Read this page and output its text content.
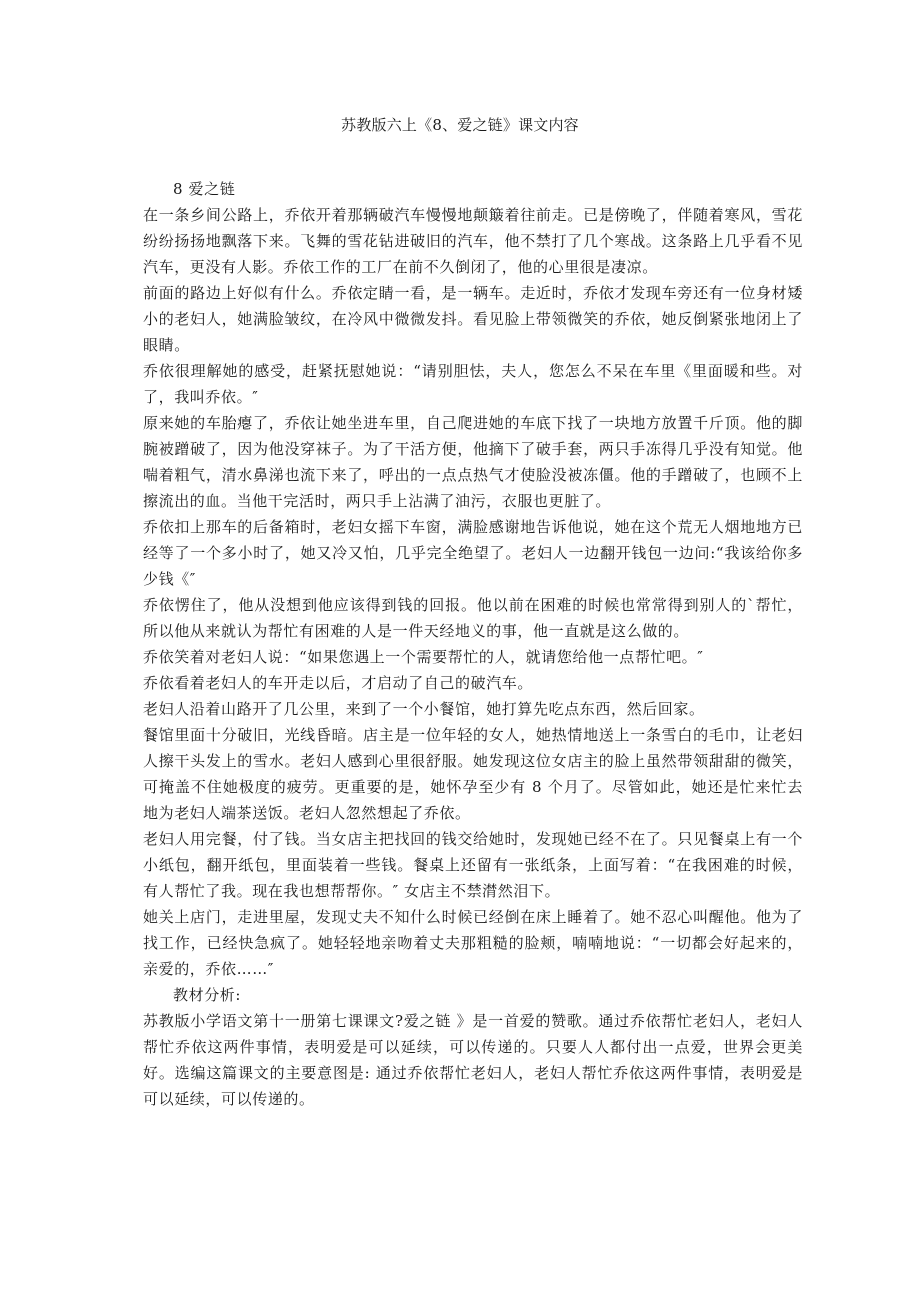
苏教版六上《8、爱之链》课文内容

8 爱之链

在一条乡间公路上，乔依开着那辆破汽车慢慢地颠簸着往前走。已是傍晚了，伴随着寒风，雪花纷纷扬扬地飘落下来。飞舞的雪花钻进破旧的汽车，他不禁打了几个寒战。这条路上几乎看不见汽车，更没有人影。乔依工作的工厂在前不久倒闭了，他的心里很是凄凉。

前面的路边上好似有什么。乔依定睛一看，是一辆车。走近时，乔依才发现车旁还有一位身材矮小的老妇人，她满脸皱纹，在冷风中微微发抖。看见脸上带领微笑的乔依，她反倒紧张地闭上了眼睛。

乔依很理解她的感受，赶紧抚慰她说：“请别胆怯，夫人，您怎么不呆在车里《里面暖和些。对了，我叫乔依。″

原来她的车胎瘪了，乔依让她坐进车里，自己爬进她的车底下找了一块地方放置千斤顶。他的脚腕被蹭破了，因为他没穿袜子。为了干活方便，他摘下了破手套，两只手冻得几乎没有知觉。他喘着粗气，清水鼻涕也流下来了，呼出的一点点热气才使脸没被冻僵。他的手蹭破了，也顾不上擦流出的血。当他干完活时，两只手上沾满了油污，衣服也更脏了。

乔依扣上那车的后备箱时，老妇女摇下车窗，满脸感谢地告诉他说，她在这个荒无人烟地地方已经等了一个多小时了，她又冷又怕，几乎完全绝望了。老妇人一边翻开钱包一边问:“我该给你多少钱《″

乔依愣住了，他从没想到他应该得到钱的回报。他以前在困难的时候也常常得到别人的`帮忙，所以他从来就认为帮忙有困难的人是一件天经地义的事，他一直就是这么做的。

乔依笑着对老妇人说：“如果您遇上一个需要帮忙的人，就请您给他一点帮忙吧。″

乔依看着老妇人的车开走以后，才启动了自己的破汽车。

老妇人沿着山路开了几公里，来到了一个小餐馆，她打算先吃点东西，然后回家。

餐馆里面十分破旧，光线昏暗。店主是一位年轻的女人，她热情地送上一条雪白的毛巾，让老妇人擦干头发上的雪水。老妇人感到心里很舒服。她发现这位女店主的脸上虽然带领甜甜的微笑，可掩盖不住她极度的疲劳。更重要的是，她怀孕至少有 8 个月了。尽管如此，她还是忙来忙去地为老妇人端茶送饭。老妇人忽然想起了乔依。

老妇人用完餐，付了钱。当女店主把找回的钱交给她时，发现她已经不在了。只见餐桌上有一个小纸包，翻开纸包，里面装着一些钱。餐桌上还留有一张纸条，上面写着：“在我困难的时候，有人帮忙了我。现在我也想帮帮你。″ 女店主不禁潸然泪下。

她关上店门，走进里屋，发现丈夫不知什么时候已经倒在床上睡着了。她不忍心叫醒他。他为了找工作，已经快急疯了。她轻轻地亲吻着丈夫那粗糙的脸颊，喃喃地说：“一切都会好起来的，亲爱的，乔依……″

教材分析:

苏教版小学语文第十一册第七课课文?爱之链 》是一首爱的赞歌。通过乔依帮忙老妇人，老妇人帮忙乔依这两件事情，表明爱是可以延续，可以传递的。只要人人都付出一点爱，世界会更美好。选编这篇课文的主要意图是: 通过乔依帮忙老妇人，老妇人帮忙乔依这两件事情，表明爱是可以延续，可以传递的。
